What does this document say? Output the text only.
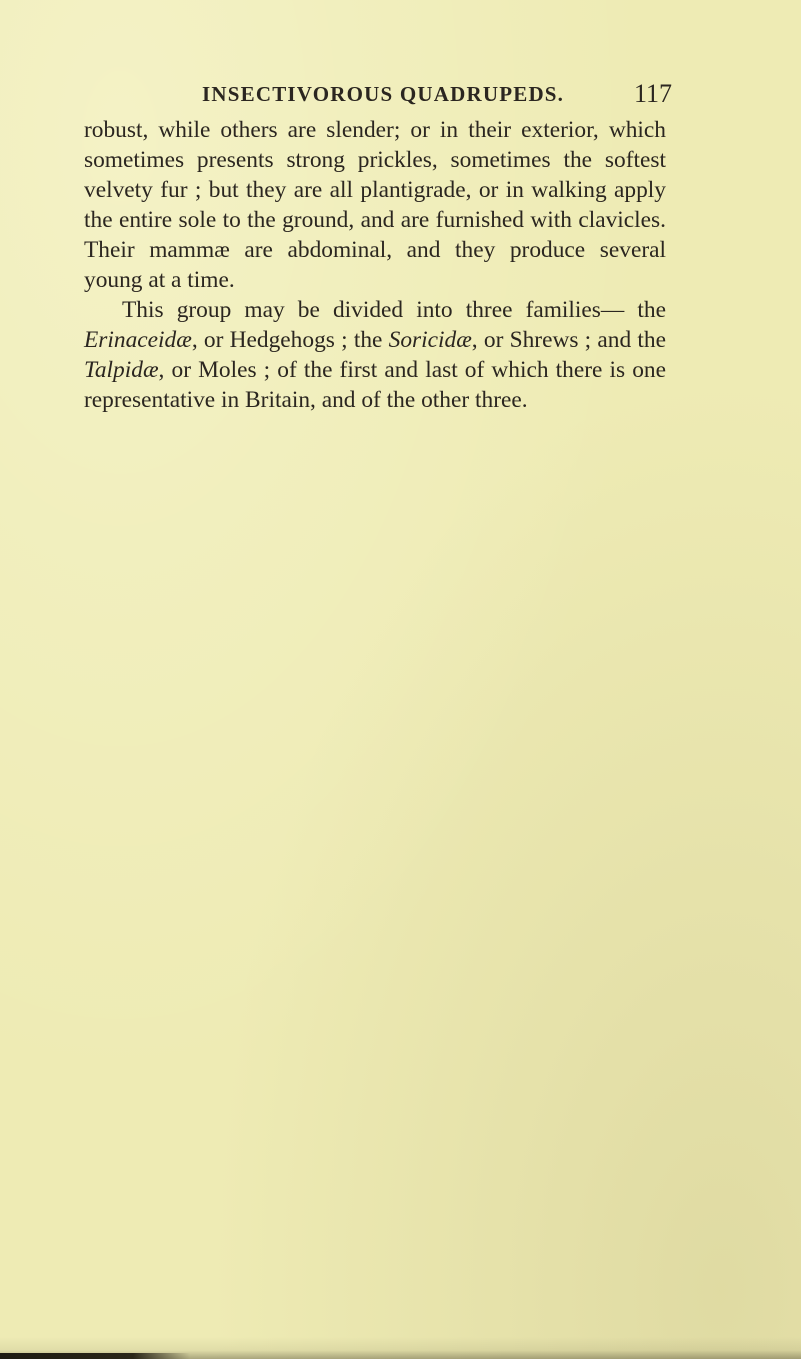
INSECTIVOROUS QUADRUPEDS.	117

robust, while others are slender; or in their exterior, which sometimes presents strong prickles, sometimes the softest velvety fur ; but they are all plantigrade, or in walking apply the entire sole to the ground, and are furnished with clavicles. Their mammæ are abdominal, and they produce several young at a time.

This group may be divided into three families— the Erinaceidæ, or Hedgehogs ; the Soricidæ, or Shrews ; and the Talpidæ, or Moles ; of the first and last of which there is one representative in Britain, and of the other three.
